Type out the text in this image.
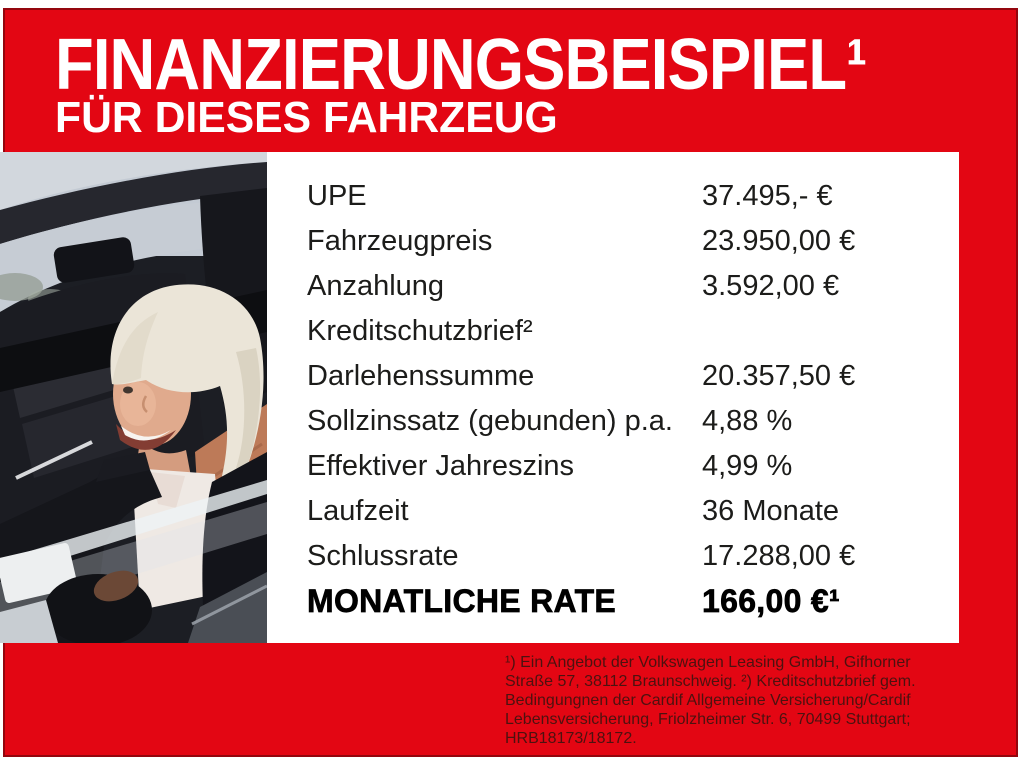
FINANZIERUNGSBEISPIEL¹
FÜR DIESES FAHRZEUG
UPE	37.495,- €
Fahrzeugpreis	23.950,00 €
Anzahlung	3.592,00 €
Kreditschutzbrief²
Darlehenssumme	20.357,50 €
Sollzinssatz (gebunden) p.a.	4,88 %
Effektiver Jahreszins	4,99 %
Laufzeit	36 Monate
Schlussrate	17.288,00 €
MONATLICHE RATE	166,00 €¹
¹) Ein Angebot der Volkswagen Leasing GmbH, Gifhorner
Straße 57, 38112 Braunschweig. ²) Kreditschutzbrief gem.
Bedingungnen der Cardif Allgemeine Versicherung/Cardif
Lebensversicherung, Friolzheimer Str. 6, 70499 Stuttgart;
HRB18173/18172.
